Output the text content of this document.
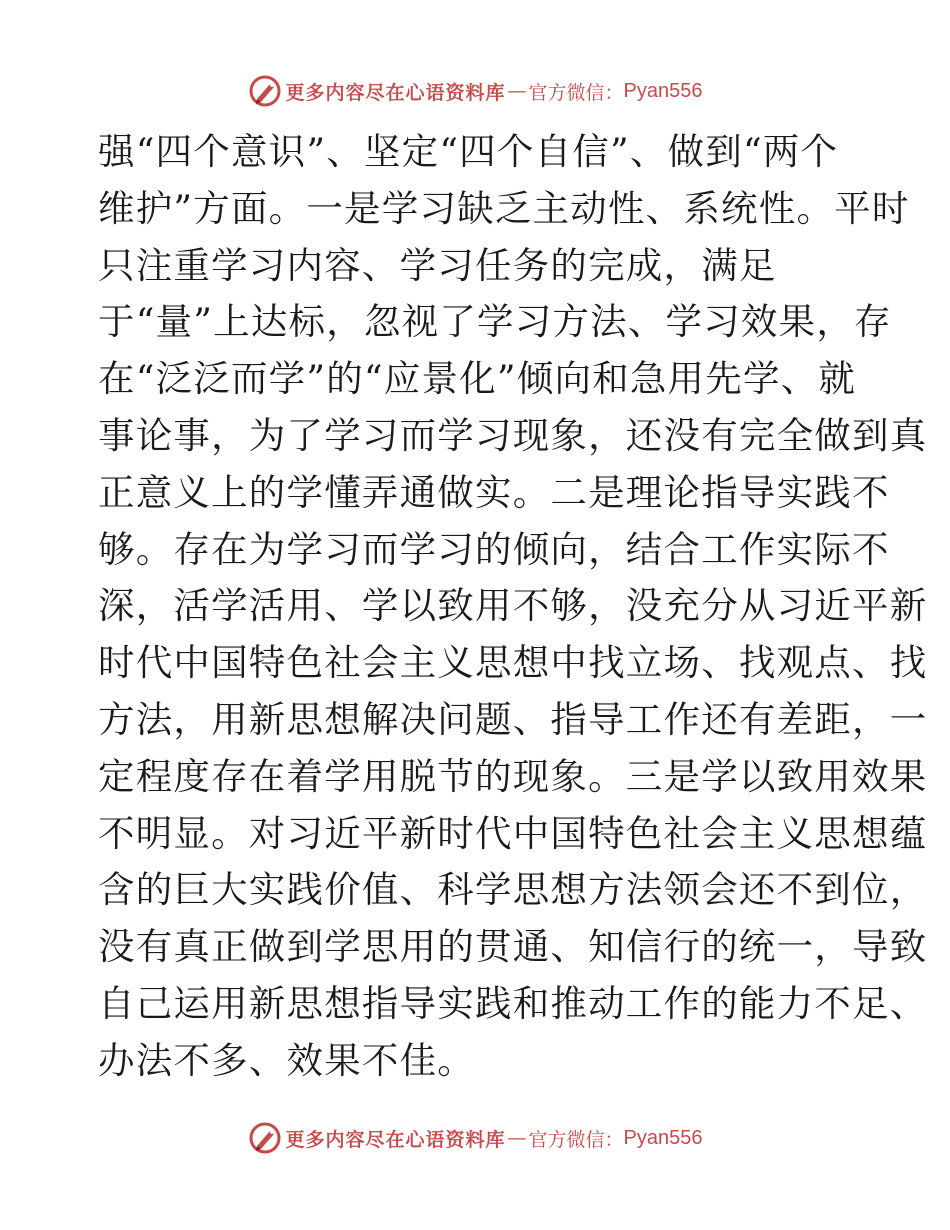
更多内容尽在心语资料库 — 官方微信： Pyan556
强“四个意识”、坚定“四个自信”、做到“两个
维护”方面。一是学习缺乏主动性、系统性。平时
只注重学习内容、学习任务的完成，满足
于“量”上达标，忽视了学习方法、学习效果，存
在“泛泛而学”的“应景化”倾向和急用先学、就
事论事，为了学习而学习现象，还没有完全做到真
正意义上的学懂弄通做实。二是理论指导实践不
够。存在为学习而学习的倾向，结合工作实际不
深，活学活用、学以致用不够，没充分从习近平新
时代中国特色社会主义思想中找立场、找观点、找
方法，用新思想解决问题、指导工作还有差距，一
定程度存在着学用脱节的现象。三是学以致用效果
不明显。对习近平新时代中国特色社会主义思想蕴
含的巨大实践价值、科学思想方法领会还不到位，
没有真正做到学思用的贯通、知信行的统一，导致
自己运用新思想指导实践和推动工作的能力不足、
办法不多、效果不佳。
更多内容尽在心语资料库 — 官方微信： Pyan556
